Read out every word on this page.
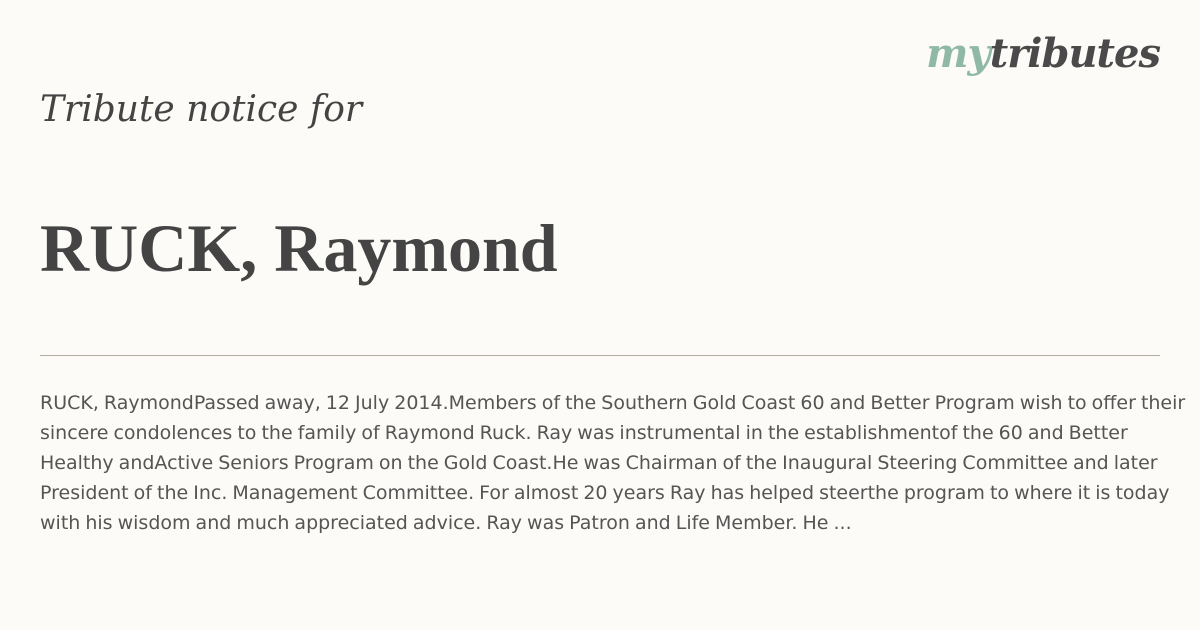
mytributes
Tribute notice for
RUCK, Raymond

RUCK, RaymondPassed away, 12 July 2014.Members of the Southern Gold Coast 60 and Better Program wish to offer their sincere condolences to the family of Raymond Ruck. Ray was instrumental in the establishmentof the 60 and Better Healthy andActive Seniors Program on the Gold Coast.He was Chairman of the Inaugural Steering Committee and later President of the Inc. Management Committee. For almost 20 years Ray has helped steerthe program to where it is today with his wisdom and much appreciated advice. Ray was Patron and Life Member. He ...
